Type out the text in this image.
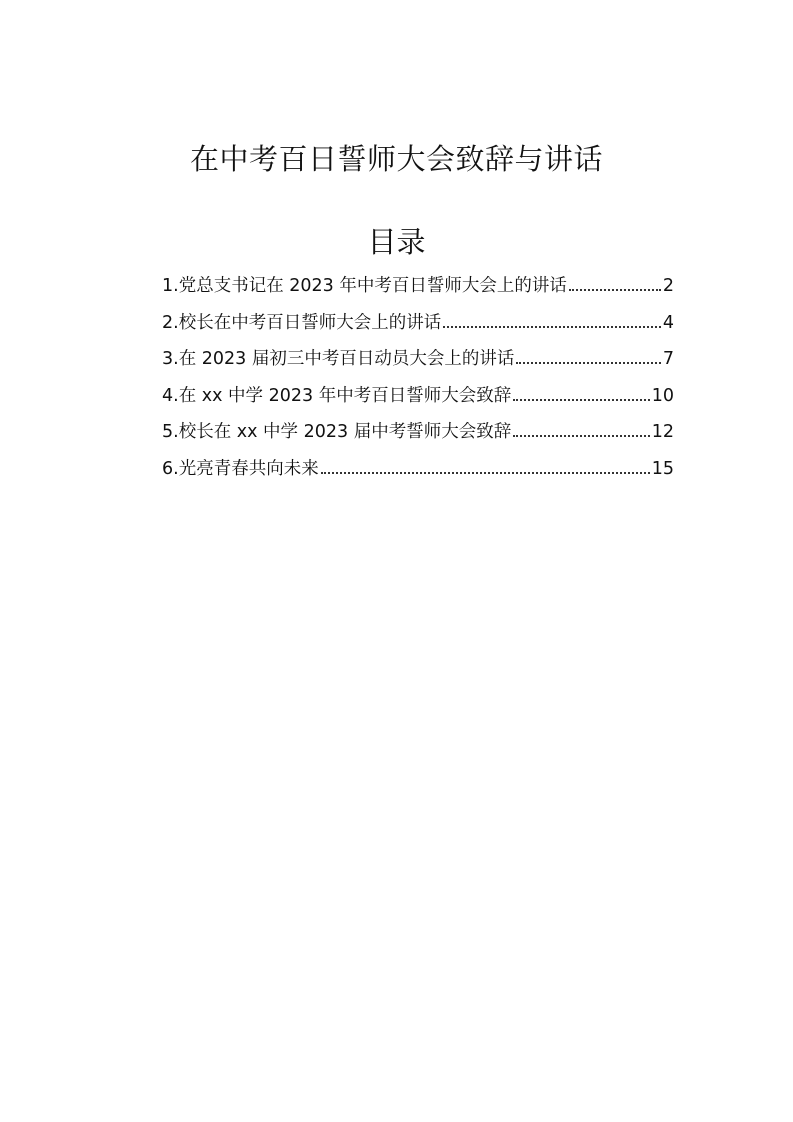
在中考百日誓师大会致辞与讲话
目录
1.党总支书记在 2023 年中考百日誓师大会上的讲话	2
2.校长在中考百日誓师大会上的讲话	4
3.在 2023 届初三中考百日动员大会上的讲话	7
4.在 xx 中学 2023 年中考百日誓师大会致辞	10
5.校长在 xx 中学 2023 届中考誓师大会致辞	12
6.光亮青春共向未来	15
